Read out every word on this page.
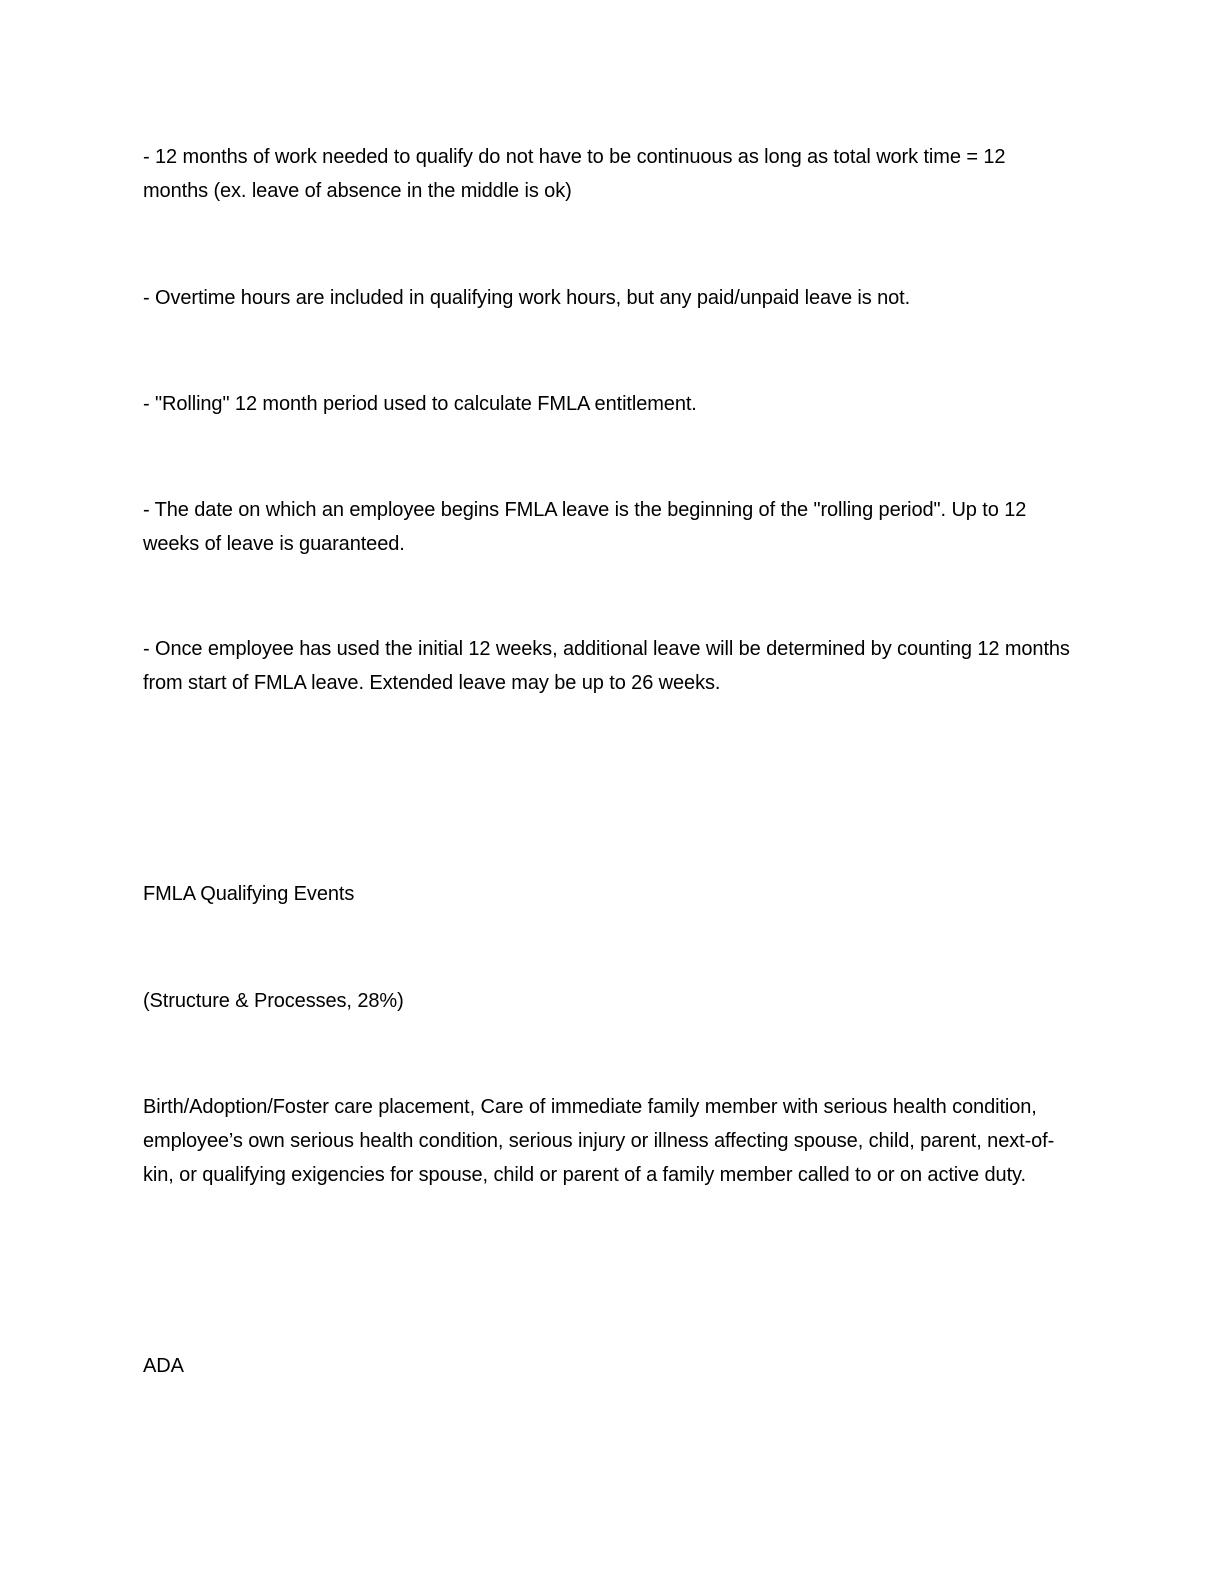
- 12 months of work needed to qualify do not have to be continuous as long as total work time = 12 months (ex. leave of absence in the middle is ok)

- Overtime hours are included in qualifying work hours, but any paid/unpaid leave is not.

- "Rolling" 12 month period used to calculate FMLA entitlement.

- The date on which an employee begins FMLA leave is the beginning of the "rolling period". Up to 12 weeks of leave is guaranteed.

- Once employee has used the initial 12 weeks, additional leave will be determined by counting 12 months from start of FMLA leave. Extended leave may be up to 26 weeks.

FMLA Qualifying Events

(Structure & Processes, 28%)

Birth/Adoption/Foster care placement, Care of immediate family member with serious health condition, employee’s own serious health condition, serious injury or illness affecting spouse, child, parent, next-of-kin, or qualifying exigencies for spouse, child or parent of a family member called to or on active duty.

ADA
